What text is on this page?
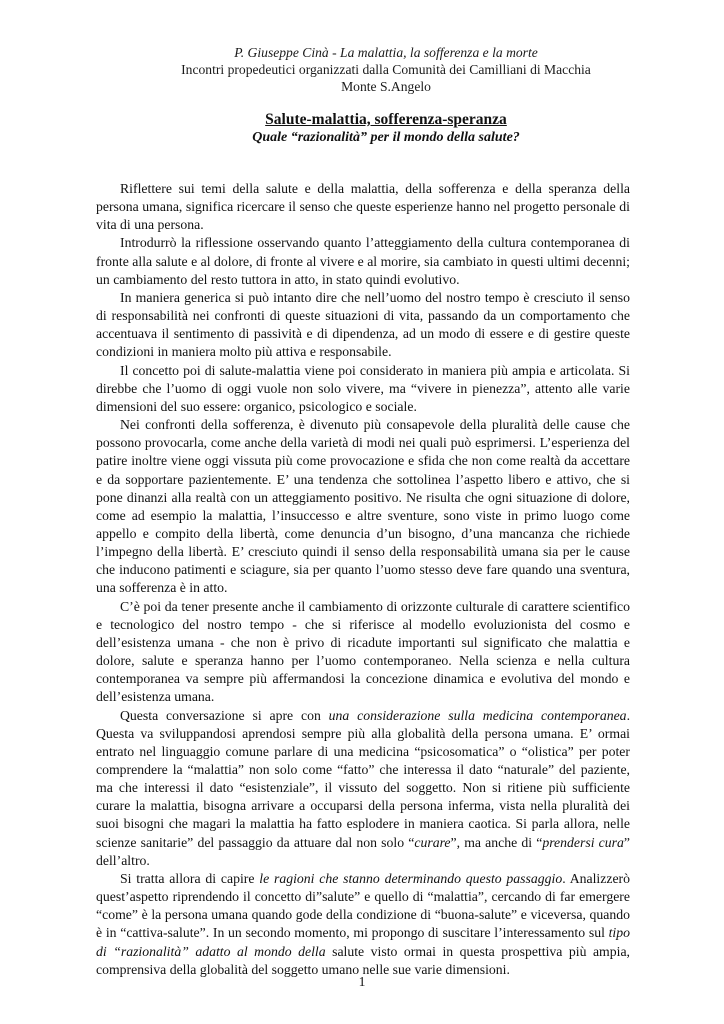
P. Giuseppe Cinà - La malattia, la sofferenza e la morte
Incontri propedeutici organizzati dalla Comunità dei Camilliani di Macchia
Monte S.Angelo
Salute-malattia, sofferenza-speranza
Quale “razionalità” per il mondo della salute?

Riflettere sui temi della salute e della malattia, della sofferenza e della speranza della persona umana, significa ricercare il senso che queste esperienze hanno nel progetto personale di vita di una persona.

Introdurrò la riflessione osservando quanto l’atteggiamento della cultura contemporanea di fronte alla salute e al dolore, di fronte al vivere e al morire, sia cambiato in questi ultimi decenni; un cambiamento del resto tuttora in atto, in stato quindi evolutivo.

In maniera generica si può intanto dire che nell’uomo del nostro tempo è cresciuto il senso di responsabilità nei confronti di queste situazioni di vita, passando da un comportamento che accentuava il sentimento di passività e di dipendenza, ad un modo di essere e di gestire queste condizioni in maniera molto più attiva e responsabile.

Il concetto poi di salute-malattia viene poi considerato in maniera più ampia e articolata. Si direbbe che l’uomo di oggi vuole non solo vivere, ma “vivere in pienezza”, attento alle varie dimensioni del suo essere: organico, psicologico e sociale.

Nei confronti della sofferenza, è divenuto più consapevole della pluralità delle cause che possono provocarla, come anche della varietà di modi nei quali può esprimersi. L’esperienza del patire inoltre viene oggi vissuta più come provocazione e sfida che non come realtà da accettare e da sopportare pazientemente. E’ una tendenza che sottolinea l’aspetto libero e attivo, che si pone dinanzi alla realtà con un atteggiamento positivo. Ne risulta che ogni situazione di dolore, come ad esempio la malattia, l’insuccesso e altre sventure, sono viste in primo luogo come appello e compito della libertà, come denuncia d’un bisogno, d’una mancanza che richiede l’impegno della libertà. E’ cresciuto quindi il senso della responsabilità umana sia per le cause che inducono patimenti e sciagure, sia per quanto l’uomo stesso deve fare quando una sventura, una sofferenza è in atto.

C’è poi da tener presente anche il cambiamento di orizzonte culturale di carattere scientifico e tecnologico del nostro tempo - che si riferisce al modello evoluzionista del cosmo e dell’esistenza umana - che non è privo di ricadute importanti sul significato che malattia e dolore, salute e speranza hanno per l’uomo contemporaneo. Nella scienza e nella cultura contemporanea va sempre più affermandosi la concezione dinamica e evolutiva del mondo e dell’esistenza umana.

Questa conversazione si apre con una considerazione sulla medicina contemporanea. Questa va sviluppandosi aprendosi sempre più alla globalità della persona umana. E’ ormai entrato nel linguaggio comune parlare di una medicina “psicosomatica” o “olistica” per poter comprendere la “malattia” non solo come “fatto” che interessa il dato “naturale” del paziente, ma che interessi il dato “esistenziale”, il vissuto del soggetto. Non si ritiene più sufficiente curare la malattia, bisogna arrivare a occuparsi della persona inferma, vista nella pluralità dei suoi bisogni che magari la malattia ha fatto esplodere in maniera caotica. Si parla allora, nelle scienze sanitarie” del passaggio da attuare dal non solo “curare”, ma anche di “prendersi cura” dell’altro.

Si tratta allora di capire le ragioni che stanno determinando questo passaggio. Analizzerò quest’aspetto riprendendo il concetto di”salute” e quello di “malattia”, cercando di far emergere “come” è la persona umana quando gode della condizione di “buona-salute” e viceversa, quando è in “cattiva-salute”. In un secondo momento, mi propongo di suscitare l’interessamento sul tipo di “razionalità” adatto al mondo della salute visto ormai in questa prospettiva più ampia, comprensiva della globalità del soggetto umano nelle sue varie dimensioni.

1
